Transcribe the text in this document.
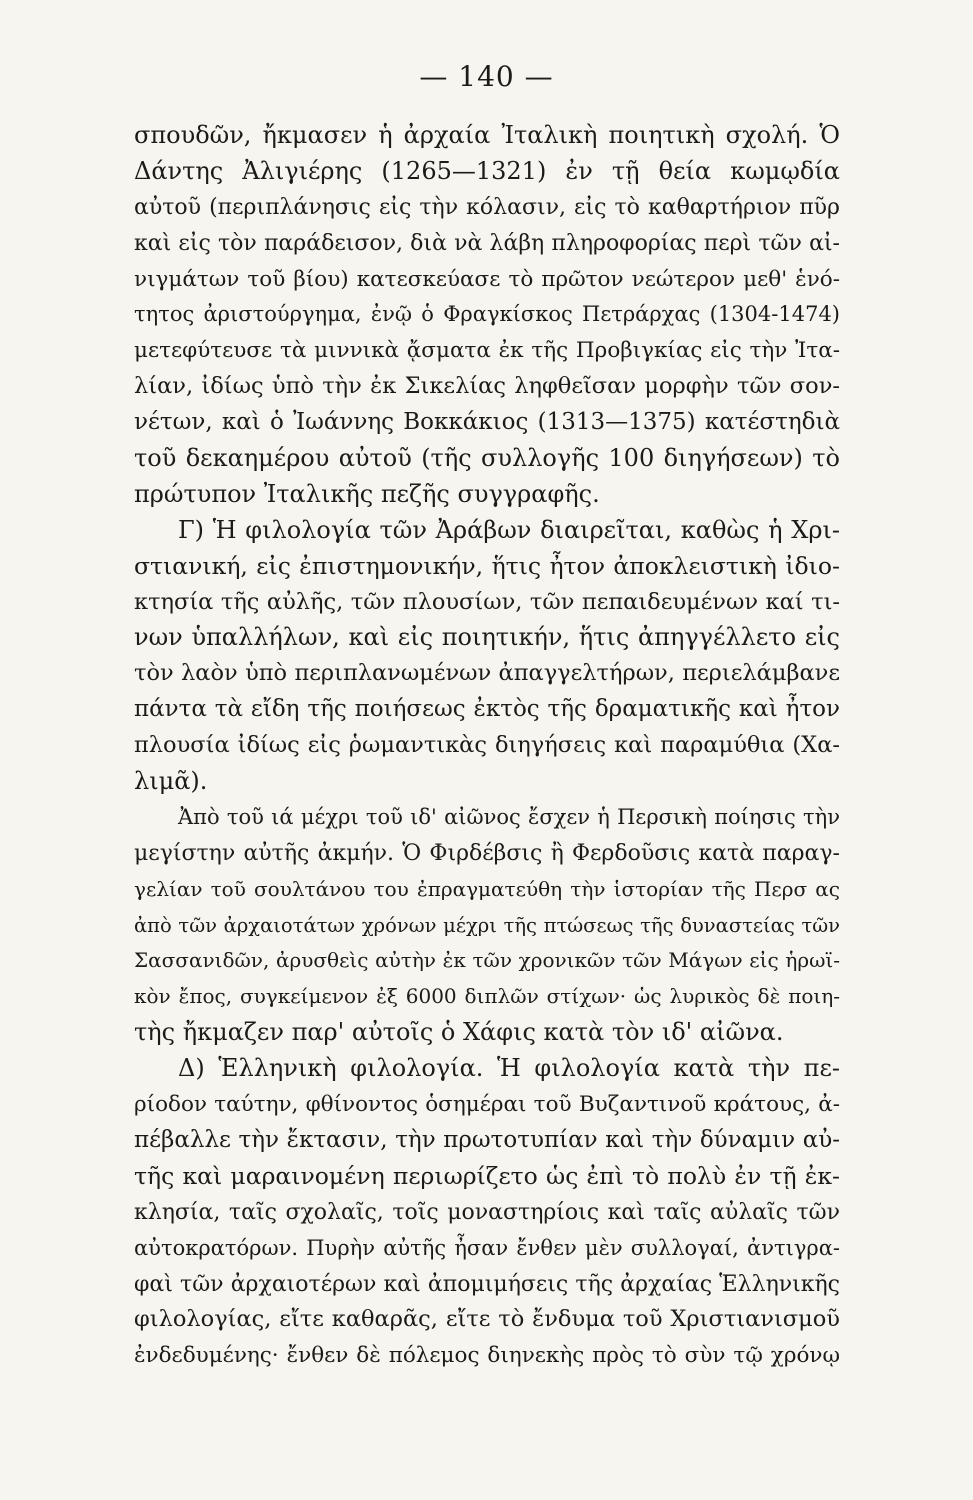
— 140 —
σπουδῶν, ἤκμασεν ἡ ἀρχαία Ἰταλικὴ ποιητικὴ σχολή. Ὁ
Δάντης Ἀλιγιέρης (1265—1321) ἐν τῇ θεία κωμῳδία
αὐτοῦ (περιπλάνησις εἰς τὴν κόλασιν, εἰς τὸ καθαρτήριον πῦρ
καὶ εἰς τὸν παράδεισον, διὰ νὰ λάβη πληροφορίας περὶ τῶν αἰ-
νιγμάτων τοῦ βίου) κατεσκεύασε τὸ πρῶτον νεώτερον μεθ' ἑνό-
τητος ἀριστούργημα, ἐνῷ ὁ Φραγκίσκος Πετράρχας (1304-1474)
μετεφύτευσε τὰ μιννικὰ ᾄσματα ἐκ τῆς Προβιγκίας εἰς τὴν Ἰτα-
λίαν, ἰδίως ὑπὸ τὴν ἐκ Σικελίας ληφθεῖσαν μορφὴν τῶν σον-
νέτων, καὶ ὁ Ἰωάννης Βοκκάκιος (1313—1375) κατέστηδιὰ
τοῦ δεκαημέρου αὐτοῦ (τῆς συλλογῆς 100 διηγήσεων) τὸ
πρώτυπον Ἰταλικῆς πεζῆς συγγραφῆς.
Γ) Ἡ φιλολογία τῶν Ἀράβων διαιρεῖται, καθὼς ἡ Χρι-
στιανική, εἰς ἐπιστημονικήν, ἥτις ἦτον ἀποκλειστικὴ ἰδιο-
κτησία τῆς αὐλῆς, τῶν πλουσίων, τῶν πεπαιδευμένων καί τι-
νων ὑπαλλήλων, καὶ εἰς ποιητικήν, ἥτις ἀπηγγέλλετο εἰς
τὸν λαὸν ὑπὸ περιπλανωμένων ἀπαγγελτήρων, περιελάμβανε
πάντα τὰ εἴδη τῆς ποιήσεως ἐκτὸς τῆς δραματικῆς καὶ ἦτον
πλουσία ἰδίως εἰς ῥωμαντικὰς διηγήσεις καὶ παραμύθια (Χα-
λιμᾶ).
Ἀπὸ τοῦ ιά μέχρι τοῦ ιδ' αἰῶνος ἔσχεν ἡ Περσικὴ ποίησις τὴν
μεγίστην αὐτῆς ἀκμήν. Ὁ Φιρδέβσις ἢ Φερδοῦσις κατὰ παραγ-
γελίαν τοῦ σουλτάνου του ἐπραγματεύθη τὴν ἱστορίαν τῆς Περσ ας
ἀπὸ τῶν ἀρχαιοτάτων χρόνων μέχρι τῆς πτώσεως τῆς δυναστείας τῶν
Σασσανιδῶν, ἀρυσθεὶς αὐτὴν ἐκ τῶν χρονικῶν τῶν Μάγων εἰς ἡρωϊ-
κὸν ἔπος, συγκείμενον ἐξ 6000 διπλῶν στίχων· ὡς λυρικὸς δὲ ποιη-
τὴς ἤκμαζεν παρ' αὐτοῖς ὁ Χάφις κατὰ τὸν ιδ' αἰῶνα.
Δ) Ἑλληνικὴ φιλολογία. Ἡ φιλολογία κατὰ τὴν πε-
ρίοδον ταύτην, φθίνοντος ὁσημέραι τοῦ Βυζαντινοῦ κράτους, ἀ-
πέβαλλε τὴν ἔκτασιν, τὴν πρωτοτυπίαν καὶ τὴν δύναμιν αὐ-
τῆς καὶ μαραινομένη περιωρίζετο ὡς ἐπὶ τὸ πολὺ ἐν τῇ ἐκ-
κλησία, ταῖς σχολαῖς, τοῖς μοναστηρίοις καὶ ταῖς αὐλαῖς τῶν
αὐτοκρατόρων. Πυρὴν αὐτῆς ἦσαν ἔνθεν μὲν συλλογαί, ἀντιγρα-
φαὶ τῶν ἀρχαιοτέρων καὶ ἀπομιμήσεις τῆς ἀρχαίας Ἑλληνικῆς
φιλολογίας, εἴτε καθαρᾶς, εἴτε τὸ ἔνδυμα τοῦ Χριστιανισμοῦ
ἐνδεδυμένης· ἔνθεν δὲ πόλεμος διηνεκὴς πρὸς τὸ σὺν τῷ χρόνῳ
